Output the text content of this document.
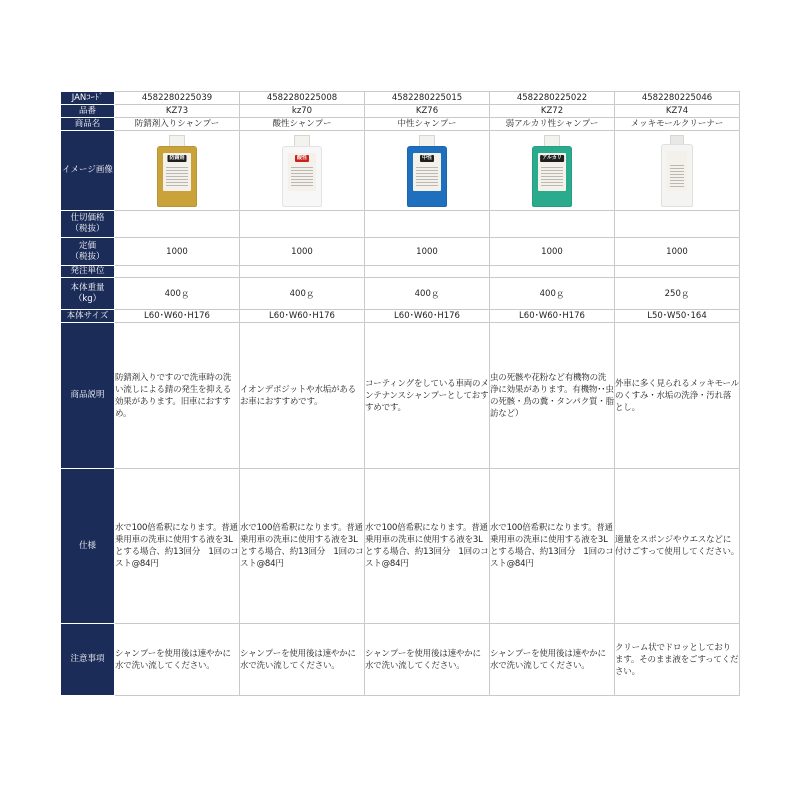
JANｺｰﾄﾞ	4582280225039	4582280225008	4582280225015	4582280225022	4582280225046
品番	KZ73	kz70	KZ76	KZ72	KZ74
商品名	防錆剤入りシャンプー	酸性シャンプー	中性シャンプー	弱アルカリ性シャンプー	メッキモールクリーナー
イメージ画像	防錆剤	酸性	中性	アルカリ	

仕切価格
（税抜）					

定価
（税抜）	1000	1000	1000	1000	1000
発注単位					

本体重量
（kg）	400ｇ	400ｇ	400ｇ	400ｇ	250ｇ
本体サイズ	L60･W60･H176	L60･W60･H176	L60･W60･H176	L60･W60･H176	L50･W50･164
商品説明	防錆剤入りですので洗車時の洗い流しによる錆の発生を抑える効果があります。旧車におすすめ。	イオンデポジットや水垢があるお車におすすめです。	コーティングをしている車両のメンテナンスシャンプーとしておすすめです。	虫の死骸や花粉など有機物の洗浄に効果があります。有機物･･虫の死骸・鳥の糞・タンパク質・脂訪など）	外車に多く見られるメッキモールのくすみ・水垢の洗浄・汚れ落とし。
仕様	水で100倍希釈になります。普通乗用車の洗車に使用する液を3Lとする場合、約13回分　1回のコスト@84円	水で100倍希釈になります。普通乗用車の洗車に使用する液を3Lとする場合、約13回分　1回のコスト@84円	水で100倍希釈になります。普通乗用車の洗車に使用する液を3Lとする場合、約13回分　1回のコスト@84円	水で100倍希釈になります。普通乗用車の洗車に使用する液を3Lとする場合、約13回分　1回のコスト@84円	適量をスポンジやウエスなどに付けごすって使用してください。
注意事項	シャンプーを使用後は速やかに水で洗い流してください。	シャンプーを使用後は速やかに水で洗い流してください。	シャンプーを使用後は速やかに水で洗い流してください。	シャンプーを使用後は速やかに水で洗い流してください。	クリーム状でドロッとしております。そのまま液をごすってください。
